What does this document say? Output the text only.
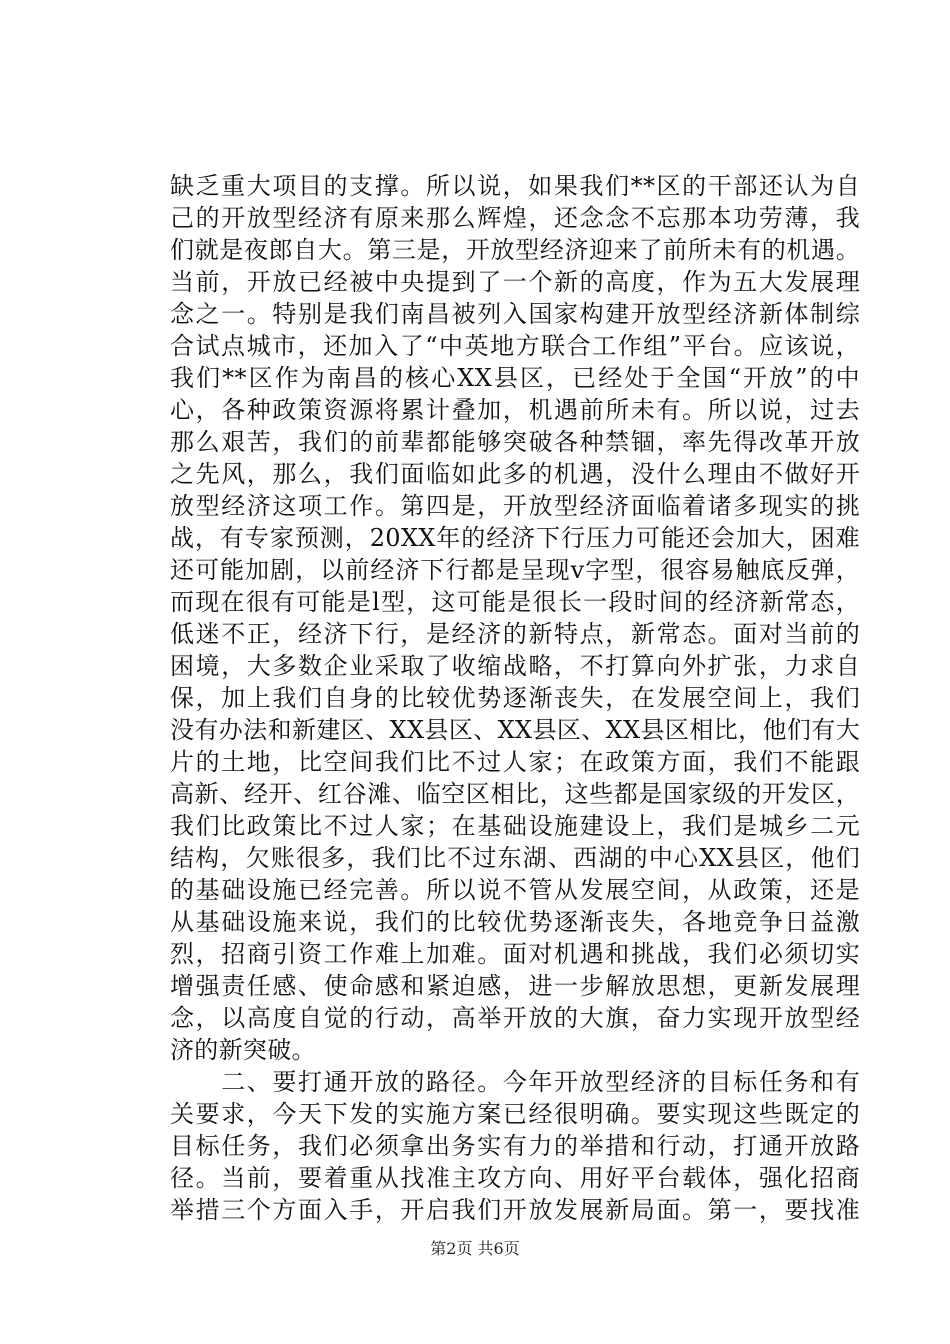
缺乏重大项目的支撑。所以说，如果我们**区的干部还认为自
己的开放型经济有原来那么辉煌，还念念不忘那本功劳薄，我
们就是夜郎自大。第三是，开放型经济迎来了前所未有的机遇。
当前，开放已经被中央提到了一个新的高度，作为五大发展理
念之一。特别是我们南昌被列入国家构建开放型经济新体制综
合试点城市，还加入了“中英地方联合工作组”平台。应该说，
我们**区作为南昌的核心XX县区，已经处于全国“开放”的中
心，各种政策资源将累计叠加，机遇前所未有。所以说，过去
那么艰苦，我们的前辈都能够突破各种禁锢，率先得改革开放
之先风，那么，我们面临如此多的机遇，没什么理由不做好开
放型经济这项工作。第四是，开放型经济面临着诸多现实的挑
战，有专家预测，20XX年的经济下行压力可能还会加大，困难
还可能加剧，以前经济下行都是呈现v字型，很容易触底反弹，
而现在很有可能是l型，这可能是很长一段时间的经济新常态，
低迷不正，经济下行，是经济的新特点，新常态。面对当前的
困境，大多数企业采取了收缩战略，不打算向外扩张，力求自
保，加上我们自身的比较优势逐渐丧失，在发展空间上，我们
没有办法和新建区、XX县区、XX县区、XX县区相比，他们有大
片的土地，比空间我们比不过人家；在政策方面，我们不能跟
高新、经开、红谷滩、临空区相比，这些都是国家级的开发区，
我们比政策比不过人家；在基础设施建设上，我们是城乡二元
结构，欠账很多，我们比不过东湖、西湖的中心XX县区，他们
的基础设施已经完善。所以说不管从发展空间，从政策，还是
从基础设施来说，我们的比较优势逐渐丧失，各地竞争日益激
烈，招商引资工作难上加难。面对机遇和挑战，我们必须切实
增强责任感、使命感和紧迫感，进一步解放思想，更新发展理
念，以高度自觉的行动，高举开放的大旗，奋力实现开放型经
济的新突破。
　　二、要打通开放的路径。今年开放型经济的目标任务和有
关要求，今天下发的实施方案已经很明确。要实现这些既定的
目标任务，我们必须拿出务实有力的举措和行动，打通开放路
径。当前，要着重从找准主攻方向、用好平台载体，强化招商
举措三个方面入手，开启我们开放发展新局面。第一，要找准
第2页 共6页
